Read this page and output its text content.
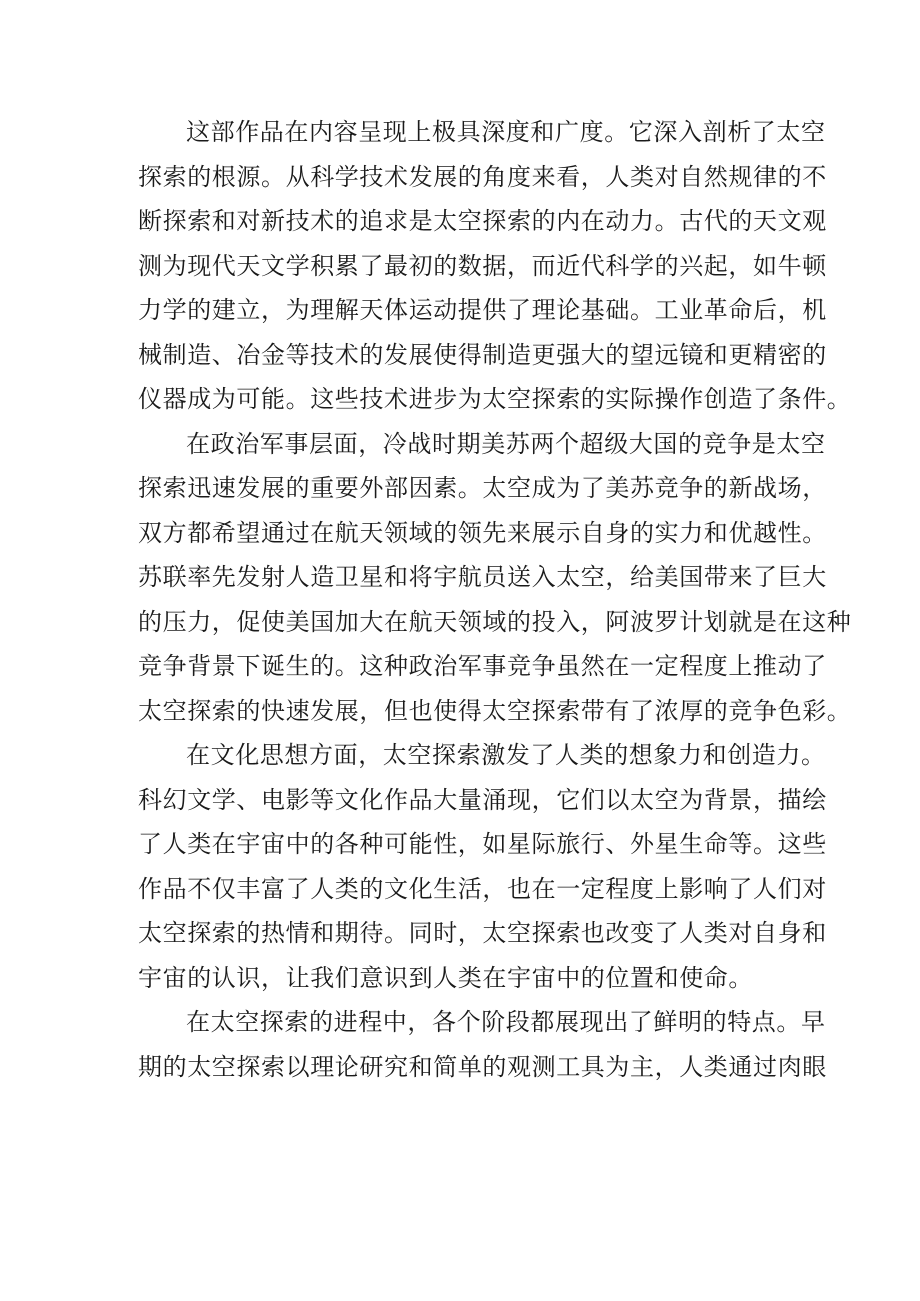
这部作品在内容呈现上极具深度和广度。它深入剖析了太空
探索的根源。从科学技术发展的角度来看，人类对自然规律的不
断探索和对新技术的追求是太空探索的内在动力。古代的天文观
测为现代天文学积累了最初的数据，而近代科学的兴起，如牛顿
力学的建立，为理解天体运动提供了理论基础。工业革命后，机
械制造、冶金等技术的发展使得制造更强大的望远镜和更精密的
仪器成为可能。这些技术进步为太空探索的实际操作创造了条件。
在政治军事层面，冷战时期美苏两个超级大国的竞争是太空
探索迅速发展的重要外部因素。太空成为了美苏竞争的新战场，
双方都希望通过在航天领域的领先来展示自身的实力和优越性。
苏联率先发射人造卫星和将宇航员送入太空，给美国带来了巨大
的压力，促使美国加大在航天领域的投入，阿波罗计划就是在这种
竞争背景下诞生的。这种政治军事竞争虽然在一定程度上推动了
太空探索的快速发展，但也使得太空探索带有了浓厚的竞争色彩。
在文化思想方面，太空探索激发了人类的想象力和创造力。
科幻文学、电影等文化作品大量涌现，它们以太空为背景，描绘
了人类在宇宙中的各种可能性，如星际旅行、外星生命等。这些
作品不仅丰富了人类的文化生活，也在一定程度上影响了人们对
太空探索的热情和期待。同时，太空探索也改变了人类对自身和
宇宙的认识，让我们意识到人类在宇宙中的位置和使命。
在太空探索的进程中，各个阶段都展现出了鲜明的特点。早
期的太空探索以理论研究和简单的观测工具为主，人类通过肉眼
